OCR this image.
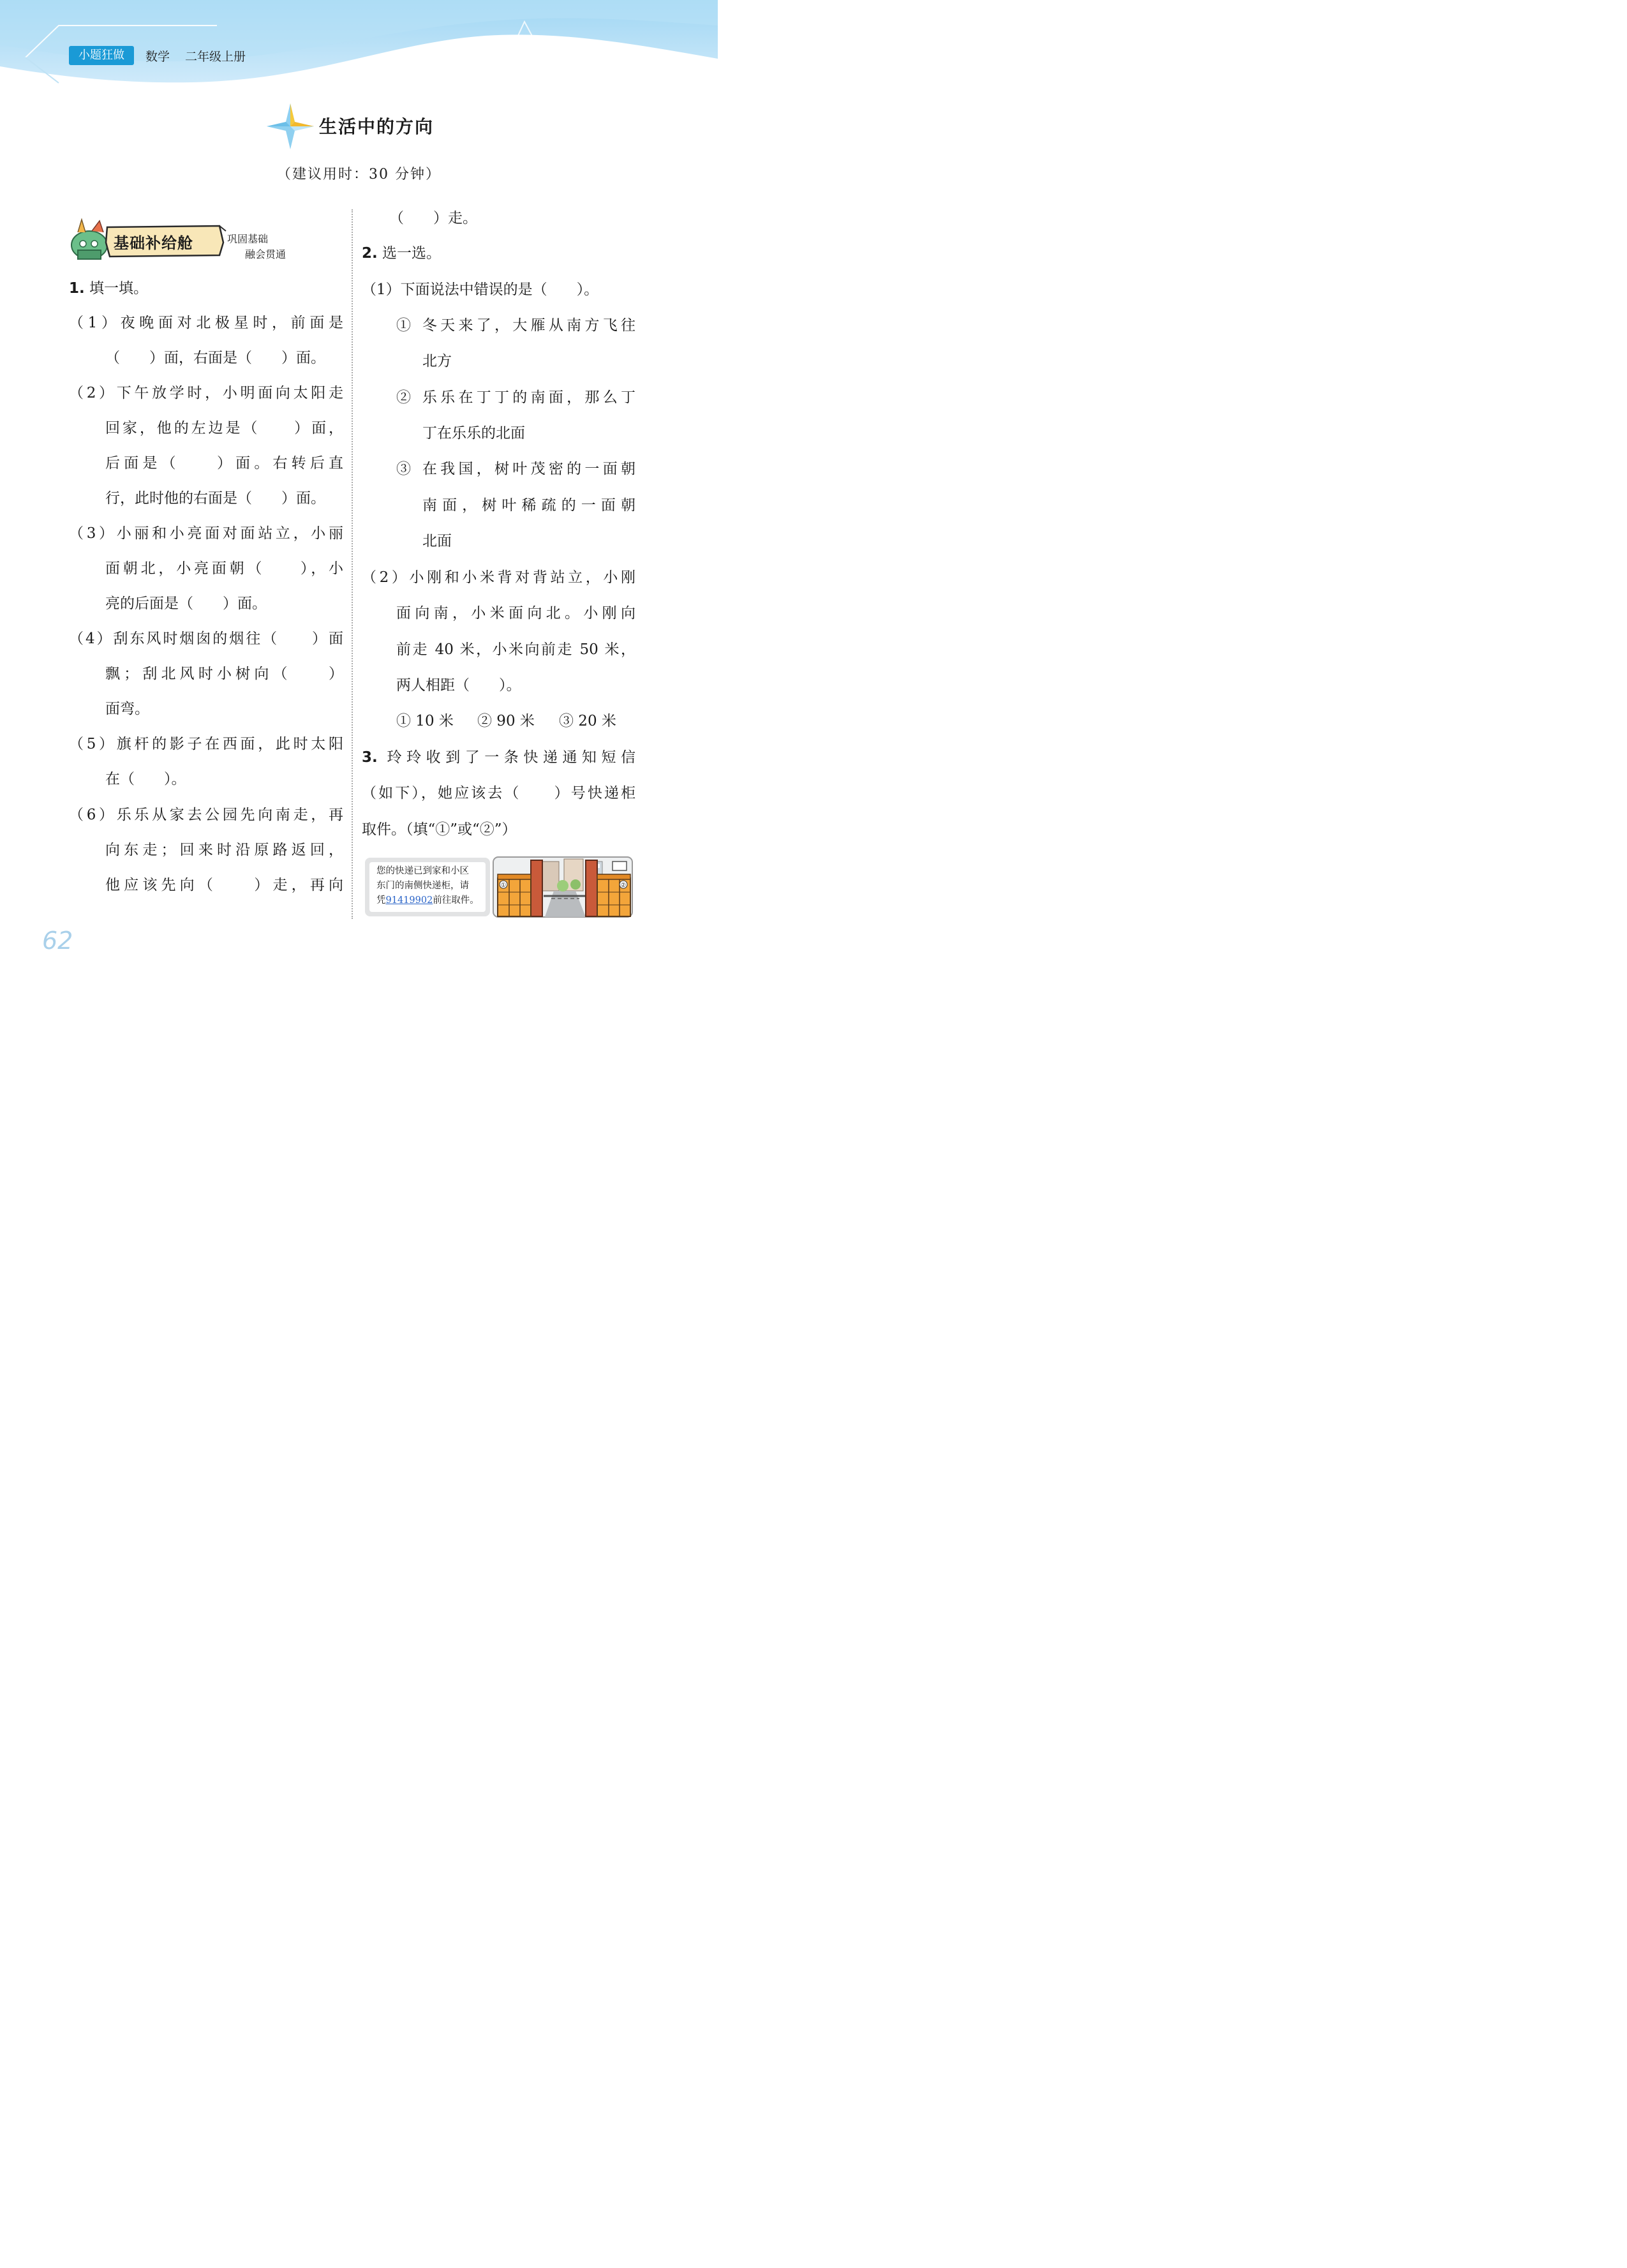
小题狂做	数学 二年级上册
生活中的方向
（建议用时：30 分钟）
基础补给舱	巩固基础
融会贯通
1. 填一填。
（1）夜晚面对北极星时，前面是
（　　）面，右面是（　　）面。
（2）下午放学时，小明面向太阳走
回家，他的左边是（　　）面，
后面是（　　）面。右转后直
行，此时他的右面是（　　）面。
（3）小丽和小亮面对面站立，小丽
面朝北，小亮面朝（　　），小
亮的后面是（　　）面。
（4）刮东风时烟囱的烟往（　　）面
飘；刮北风时小树向（　　）
面弯。
（5）旗杆的影子在西面，此时太阳
在（　　）。
（6）乐乐从家去公园先向南走，再
向东走；回来时沿原路返回，
他应该先向（　　）走，再向
（　　）走。
2. 选一选。
（1）下面说法中错误的是（　　）。
① 冬天来了，大雁从南方飞往
北方
② 乐乐在丁丁的南面，那么丁
丁在乐乐的北面
③ 在我国，树叶茂密的一面朝
南面，树叶稀疏的一面朝
北面
（2）小刚和小米背对背站立，小刚
面向南，小米面向北。小刚向
前走 40 米，小米向前走 50 米，
两人相距（　　）。
① 10 米 ② 90 米 ③ 20 米
3. 玲玲收到了一条快递通知短信
（如下），她应该去（　　）号快递柜
取件。（填“①”或“②”）
您的快递已到家和小区
东门的南侧快递柜，请
凭91419902前往取件。
①	②
62
